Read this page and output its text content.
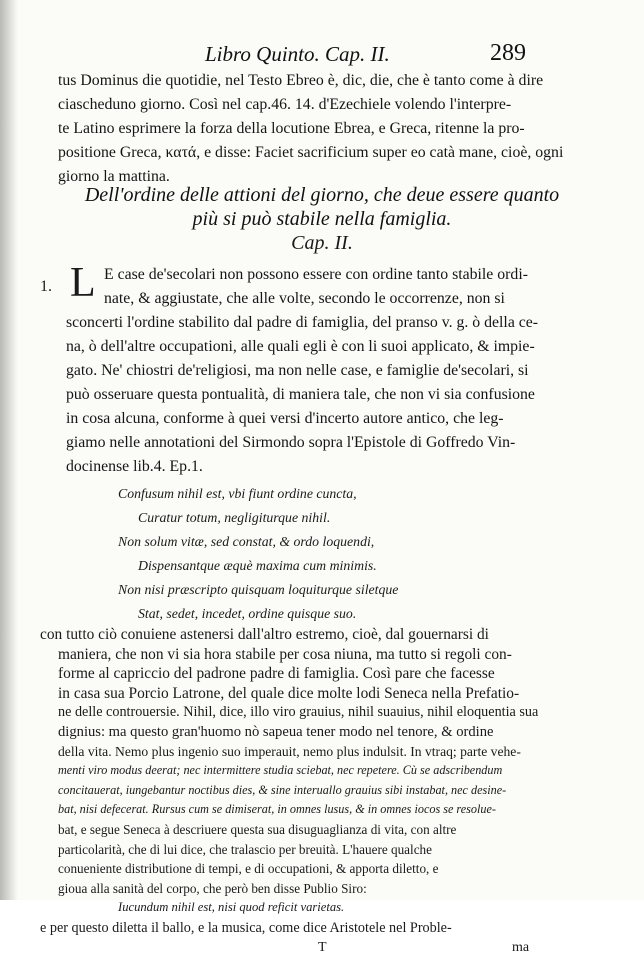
Libro Quinto. Cap. II.	289
tus Dominus die quotidie, nel Testo Ebreo è, dic, die, che è tanto come à dire
ciascheduno giorno. Così nel cap.46. 14. d'Ezechiele volendo l'interpre-
te Latino esprimere la forza della locutione Ebrea, e Greca, ritenne la pro-
positione Greca, κατά, e disse: Faciet sacrificium super eo catà mane, cioè, ogni
giorno la mattina.
Dell'ordine delle attioni del giorno, che deue essere quanto
più si può stabile nella famiglia.
Cap. II.
1. L E case de'secolari non possono essere con ordine tanto stabile ordi-
nate, & aggiustate, che alle volte, secondo le occorrenze, non si
sconcerti l'ordine stabilito dal padre di famiglia, del pranso v. g. ò della ce-
na, ò dell'altre occupationi, alle quali egli è con li suoi applicato, & impie-
gato. Ne' chiostri de'religiosi, ma non nelle case, e famiglie de'secolari, si
può osseruare questa pontualità, di maniera tale, che non vi sia confusione
in cosa alcuna, conforme à quei versi d'incerto autore antico, che leg-
giamo nelle annotationi del Sirmondo sopra l'Epistole di Goffredo Vin-
docinense lib.4. Ep.1.
Confusum nihil est, vbi fiunt ordine cuncta,
Curatur totum, negligiturque nihil.
Non solum vitæ, sed constat, & ordo loquendi,
Dispensantque æquè maxima cum minimis.
Non nisi præscripto quisquam loquiturque siletque
Stat, sedet, incedet, ordine quisque suo.
con tutto ciò conuiene astenersi dall'altro estremo, cioè, dal gouernarsi di
maniera, che non vi sia hora stabile per cosa niuna, ma tutto si regoli con-
forme al capriccio del padrone padre di famiglia. Così pare che facesse
in casa sua Porcio Latrone, del quale dice molte lodi Seneca nella Prefatio-
ne delle controuersie. Nihil, dice, illo viro grauius, nihil suauius, nihil eloquentia sua
dignius: ma questo gran'huomo nò sapeua tener modo nel tenore, & ordine
della vita. Nemo plus ingenio suo imperauit, nemo plus indulsit. In vtraq; parte vehe-
menti viro modus deerat; nec intermittere studia sciebat, nec repetere. Cù se adscribendum
concitauerat, iungebantur noctibus dies, & sine interuallo grauius sibi instabat, nec desine-
bat, nisi defecerat. Rursus cum se dimiserat, in omnes lusus, & in omnes iocos se resolue-
bat, e segue Seneca à descriuere questa sua disuguaglianza di vita, con altre
particolarità, che di lui dice, che tralascio per breuità. L'hauere qualche
conueniente distributione di tempi, e di occupationi, & apporta diletto, e
gioua alla sanità del corpo, che però ben disse Publio Siro:
Iucundum nihil est, nisi quod reficit varietas.
e per questo diletta il ballo, e la musica, come dice Aristotele nel Proble-
T	ma
